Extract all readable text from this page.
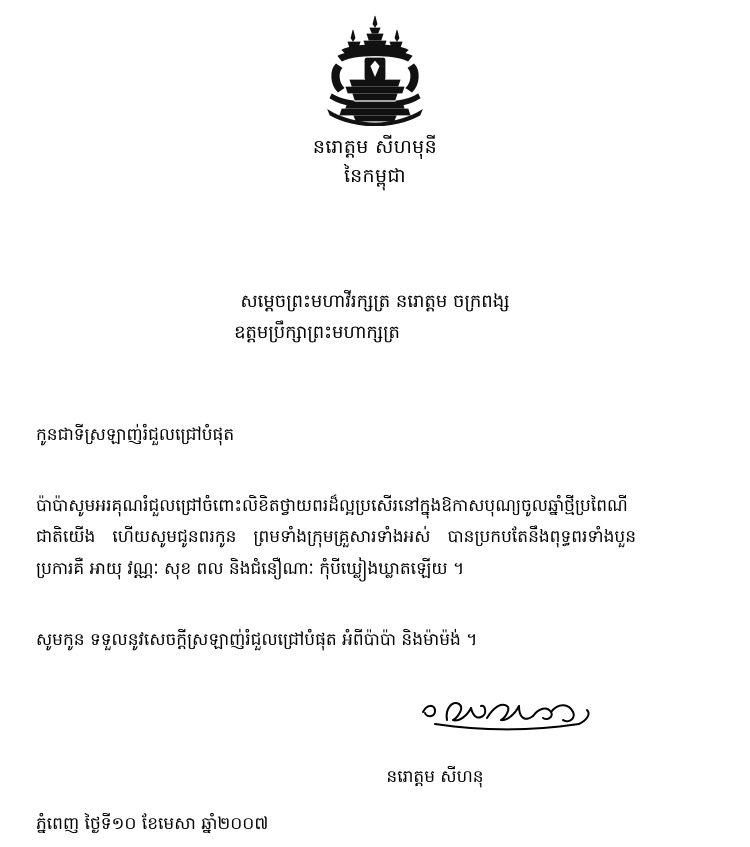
នរោត្តម សីហមុនី
នៃកម្ពុជា
សម្តេចព្រះមហាវីរក្សត្រ នរោត្តម ចក្រពង្ស
ឧត្តមប្រឹក្សាព្រះមហាក្សត្រ
កូនជាទីស្រឡាញ់រំជួលជ្រៅបំផុត

ប៉ាប៉ាសូមអរគុណរំជួលជ្រៅចំពោះលិខិតថ្វាយពរដ៏ល្អប្រសើរនៅក្នុងឱកាសបុណ្យចូលឆ្នាំថ្មីប្រពៃណីជាតិយើង ហើយសូមជូនពរកូន ព្រមទាំងក្រុមគ្រួសារទាំងអស់ បានប្រកបតែនឹងពុទ្ធពរទាំងបួនប្រការគឺ អាយុ វណ្ណៈ សុខ ពល និងជំនឿណាៈ កុំបីឃ្លៀងឃ្លាតឡើយ ។

សូមកូន ទទួលនូវសេចក្តីស្រឡាញ់រំជួលជ្រៅបំផុត អំពីប៉ាប៉ា និងម៉ាម៉ង់ ។

នរោត្តម សីហនុ
ភ្នំពេញ ថ្ងៃទី១០ ខែមេសា ឆ្នាំ២០០៧
